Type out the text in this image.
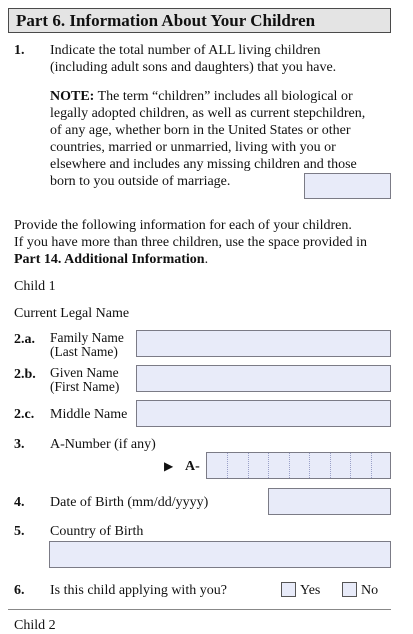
Part 6. Information About Your Children
1. Indicate the total number of ALL living children
(including adult sons and daughters) that you have.
NOTE: The term “children” includes all biological or
legally adopted children, as well as current stepchildren,
of any age, whether born in the United States or other
countries, married or unmarried, living with you or
elsewhere and includes any missing children and those
born to you outside of marriage.
Provide the following information for each of your children.
If you have more than three children, use the space provided in
Part 14. Additional Information.
Child 1
Current Legal Name
2.a. Family Name
(Last Name)
2.b. Given Name
(First Name)
2.c. Middle Name
3. A-Number (if any)
▶ A-
4. Date of Birth (mm/dd/yyyy)
5. Country of Birth
6. Is this child applying with you?	Yes	No
Child 2
